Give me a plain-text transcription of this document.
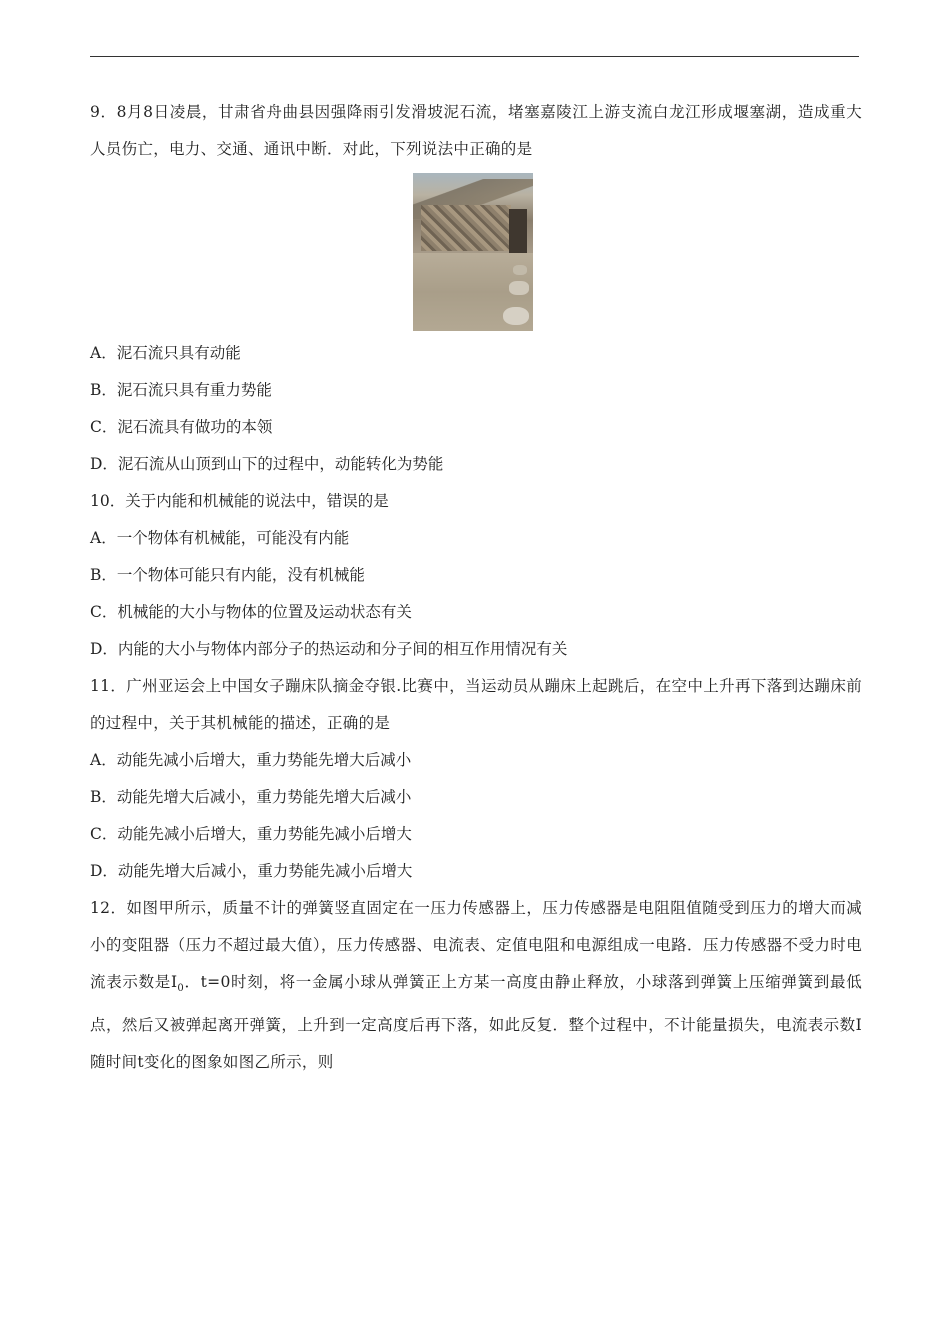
9．8月8日凌晨，甘肃省舟曲县因强降雨引发滑坡泥石流，堵塞嘉陵江上游支流白龙江形成堰塞湖，造成重大人员伤亡，电力、交通、通讯中断．对此，下列说法中正确的是

A．泥石流只具有动能

B．泥石流只具有重力势能

C．泥石流具有做功的本领

D．泥石流从山顶到山下的过程中，动能转化为势能

10．关于内能和机械能的说法中，错误的是

A．一个物体有机械能，可能没有内能

B．一个物体可能只有内能，没有机械能

C．机械能的大小与物体的位置及运动状态有关

D．内能的大小与物体内部分子的热运动和分子间的相互作用情况有关

11．广州亚运会上中国女子蹦床队摘金夺银.比赛中，当运动员从蹦床上起跳后，在空中上升再下落到达蹦床前的过程中，关于其机械能的描述，正确的是

A．动能先减小后增大，重力势能先增大后减小

B．动能先增大后减小，重力势能先增大后减小

C．动能先减小后增大，重力势能先减小后增大

D．动能先增大后减小，重力势能先减小后增大

12．如图甲所示，质量不计的弹簧竖直固定在一压力传感器上，压力传感器是电阻阻值随受到压力的增大而减小的变阻器（压力不超过最大值），压力传感器、电流表、定值电阻和电源组成一电路．压力传感器不受力时电流表示数是$I_0$．t=0时刻，将一金属小球从弹簧正上方某一高度由静止释放，小球落到弹簧上压缩弹簧到最低点，然后又被弹起离开弹簧，上升到一定高度后再下落，如此反复．整个过程中，不计能量损失，电流表示数I随时间t变化的图象如图乙所示，则
